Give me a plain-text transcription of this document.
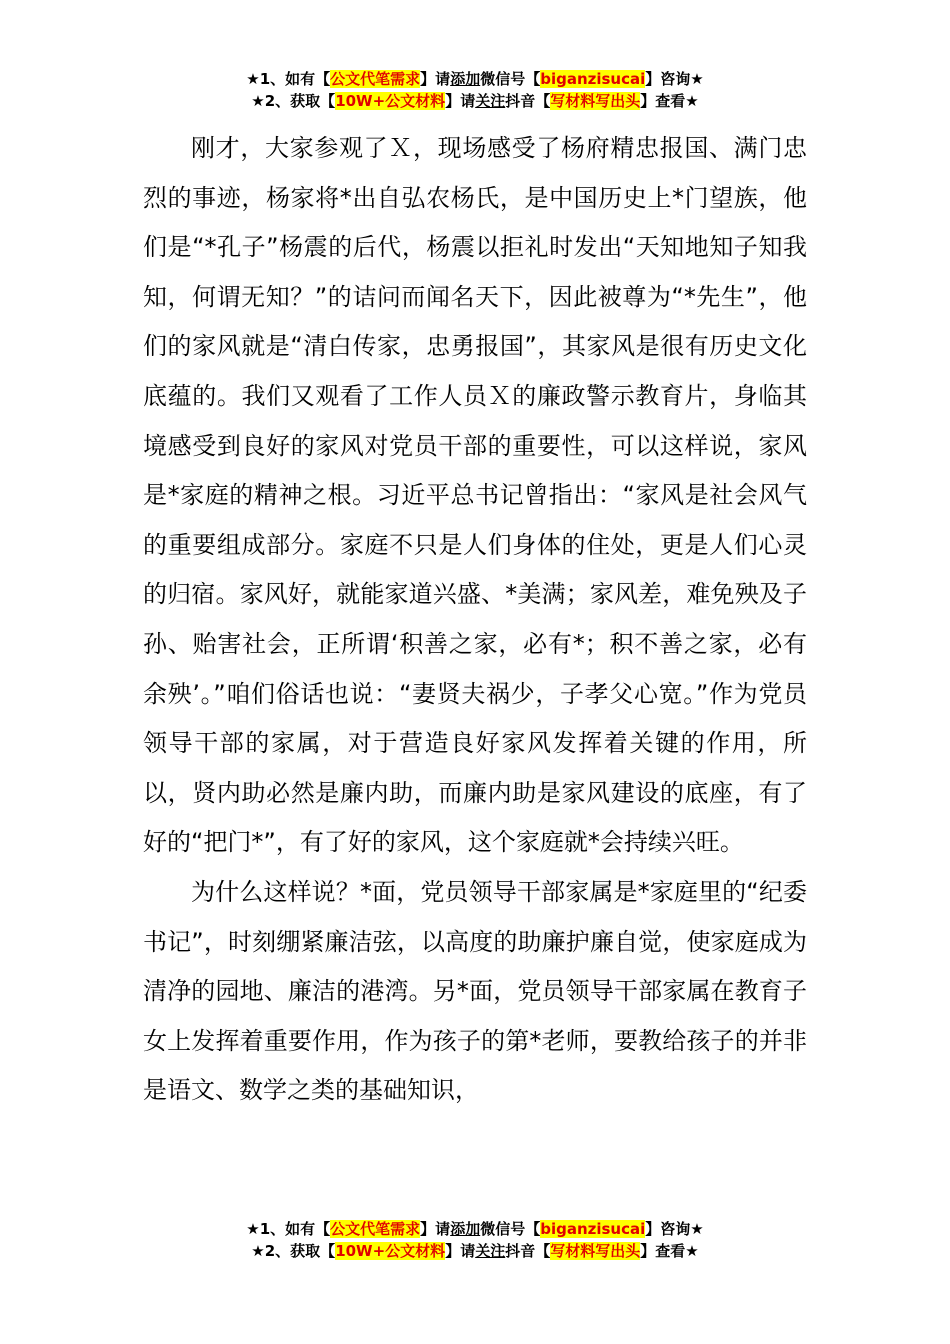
★1、如有【公文代笔需求】请添加微信号【biganzisucai】咨询★
★2、获取【10W+公文材料】请关注抖音【写材料写出头】查看★

刚才，大家参观了Ｘ，现场感受了杨府精忠报国、满门忠烈的事迹，杨家将*出自弘农杨氏，是中国历史上*门望族，他们是“*孔子”杨震的后代，杨震以拒礼时发出“天知地知子知我知，何谓无知？”的诘问而闻名天下，因此被尊为“*先生”，他们的家风就是“清白传家，忠勇报国”，其家风是很有历史文化底蕴的。我们又观看了工作人员Ｘ的廉政警示教育片，身临其境感受到良好的家风对党员干部的重要性，可以这样说，家风是*家庭的精神之根。习近平总书记曾指出：“家风是社会风气的重要组成部分。家庭不只是人们身体的住处，更是人们心灵的归宿。家风好，就能家道兴盛、*美满；家风差，难免殃及子孙、贻害社会，正所谓‘积善之家，必有*；积不善之家，必有余殃’。”咱们俗话也说：“妻贤夫祸少，子孝父心宽。”作为党员领导干部的家属，对于营造良好家风发挥着关键的作用，所以，贤内助必然是廉内助，而廉内助是家风建设的底座，有了好的“把门*”，有了好的家风，这个家庭就*会持续兴旺。

为什么这样说？*面，党员领导干部家属是*家庭里的“纪委书记”，时刻绷紧廉洁弦，以高度的助廉护廉自觉，使家庭成为清净的园地、廉洁的港湾。另*面，党员领导干部家属在教育子女上发挥着重要作用，作为孩子的第*老师，要教给孩子的并非是语文、数学之类的基础知识，

★1、如有【公文代笔需求】请添加微信号【biganzisucai】咨询★
★2、获取【10W+公文材料】请关注抖音【写材料写出头】查看★
